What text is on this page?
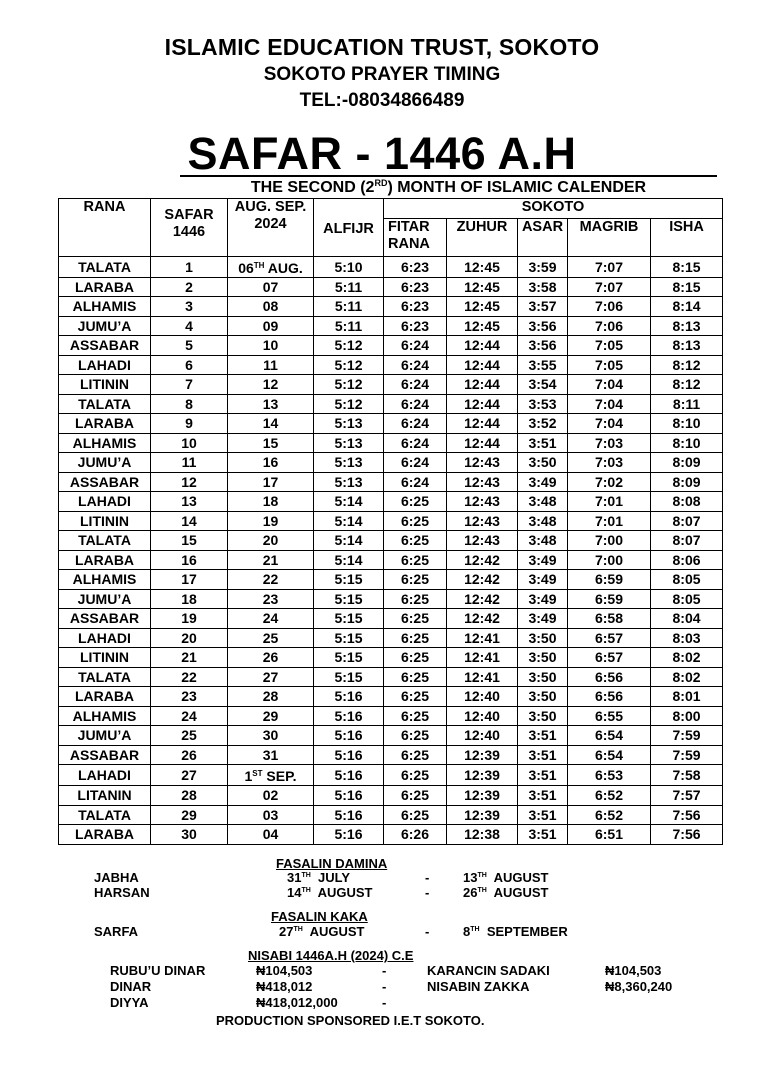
ISLAMIC EDUCATION TRUST, SOKOTO
SOKOTO PRAYER TIMING
TEL:-08034866489
SAFAR - 1446 A.H
THE SECOND (2RD) MONTH OF ISLAMIC CALENDER
RANA	SAFAR 1446	AUG. SEP. 2024	ALFIJR	SOKOTO				
				FITAR RANA	ZUHUR	ASAR	MAGRIB	ISHA
TALATA	1	06TH AUG.	5:10	6:23	12:45	3:59	7:07	8:15
LARABA	2	07	5:11	6:23	12:45	3:58	7:07	8:15
ALHAMIS	3	08	5:11	6:23	12:45	3:57	7:06	8:14
JUMU’A	4	09	5:11	6:23	12:45	3:56	7:06	8:13
ASSABAR	5	10	5:12	6:24	12:44	3:56	7:05	8:13
LAHADI	6	11	5:12	6:24	12:44	3:55	7:05	8:12
LITININ	7	12	5:12	6:24	12:44	3:54	7:04	8:12
TALATA	8	13	5:12	6:24	12:44	3:53	7:04	8:11
LARABA	9	14	5:13	6:24	12:44	3:52	7:04	8:10
ALHAMIS	10	15	5:13	6:24	12:44	3:51	7:03	8:10
JUMU’A	11	16	5:13	6:24	12:43	3:50	7:03	8:09
ASSABAR	12	17	5:13	6:24	12:43	3:49	7:02	8:09
LAHADI	13	18	5:14	6:25	12:43	3:48	7:01	8:08
LITININ	14	19	5:14	6:25	12:43	3:48	7:01	8:07
TALATA	15	20	5:14	6:25	12:43	3:48	7:00	8:07
LARABA	16	21	5:14	6:25	12:42	3:49	7:00	8:06
ALHAMIS	17	22	5:15	6:25	12:42	3:49	6:59	8:05
JUMU’A	18	23	5:15	6:25	12:42	3:49	6:59	8:05
ASSABAR	19	24	5:15	6:25	12:42	3:49	6:58	8:04
LAHADI	20	25	5:15	6:25	12:41	3:50	6:57	8:03
LITININ	21	26	5:15	6:25	12:41	3:50	6:57	8:02
TALATA	22	27	5:15	6:25	12:41	3:50	6:56	8:02
LARABA	23	28	5:16	6:25	12:40	3:50	6:56	8:01
ALHAMIS	24	29	5:16	6:25	12:40	3:50	6:55	8:00
JUMU’A	25	30	5:16	6:25	12:40	3:51	6:54	7:59
ASSABAR	26	31	5:16	6:25	12:39	3:51	6:54	7:59
LAHADI	27	1ST SEP.	5:16	6:25	12:39	3:51	6:53	7:58
LITANIN	28	02	5:16	6:25	12:39	3:51	6:52	7:57
TALATA	29	03	5:16	6:25	12:39	3:51	6:52	7:56
LARABA	30	04	5:16	6:26	12:38	3:51	6:51	7:56
FASALIN DAMINA
JABHA	31TH JULY	-	13TH AUGUST
HARSAN	14TH AUGUST	-	26TH AUGUST
FASALIN KAKA
SARFA	27TH AUGUST	-	8TH SEPTEMBER
NISABI 1446A.H (2024) C.E
RUBU’U DINAR	₦104,503	-	KARANCIN SADAKI	₦104,503
DINAR	₦418,012	-	NISABIN ZAKKA	₦8,360,240
DIYYA	₦418,012,000	-
PRODUCTION SPONSORED I.E.T SOKOTO.
